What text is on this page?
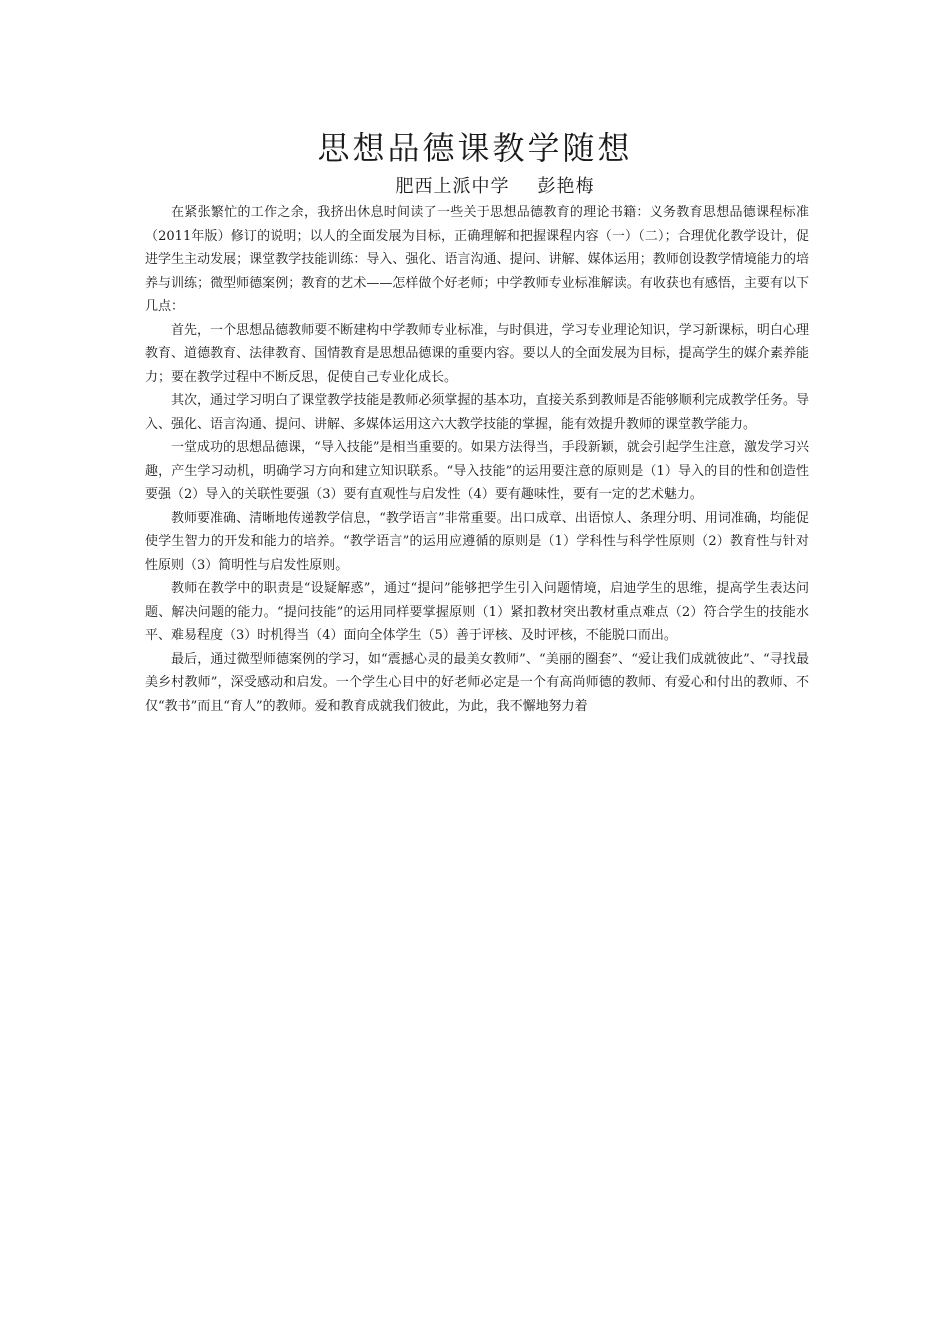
思想品德课教学随想
肥西上派中学 彭艳梅

在紧张繁忙的工作之余，我挤出休息时间读了一些关于思想品德教育的理论书籍：义务教育思想品德课程标准（2011年版）修订的说明；以人的全面发展为目标，正确理解和把握课程内容（一）（二）；合理优化教学设计，促进学生主动发展；课堂教学技能训练：导入、强化、语言沟通、提问、讲解、媒体运用；教师创设教学情境能力的培养与训练；微型师德案例；教育的艺术——怎样做个好老师；中学教师专业标准解读。有收获也有感悟，主要有以下几点：

首先，一个思想品德教师要不断建构中学教师专业标准，与时俱进，学习专业理论知识，学习新课标，明白心理教育、道德教育、法律教育、国情教育是思想品德课的重要内容。要以人的全面发展为目标，提高学生的媒介素养能力；要在教学过程中不断反思，促使自己专业化成长。

其次，通过学习明白了课堂教学技能是教师必须掌握的基本功，直接关系到教师是否能够顺利完成教学任务。导入、强化、语言沟通、提问、讲解、多媒体运用这六大教学技能的掌握，能有效提升教师的课堂教学能力。

一堂成功的思想品德课，“导入技能”是相当重要的。如果方法得当，手段新颖，就会引起学生注意，激发学习兴趣，产生学习动机，明确学习方向和建立知识联系。“导入技能”的运用要注意的原则是（1）导入的目的性和创造性要强（2）导入的关联性要强（3）要有直观性与启发性（4）要有趣味性，要有一定的艺术魅力。

教师要准确、清晰地传递教学信息，“教学语言”非常重要。出口成章、出语惊人、条理分明、用词准确，均能促使学生智力的开发和能力的培养。“教学语言”的运用应遵循的原则是（1）学科性与科学性原则（2）教育性与针对性原则（3）简明性与启发性原则。

教师在教学中的职责是“设疑解惑”，通过“提问”能够把学生引入问题情境，启迪学生的思维，提高学生表达问题、解决问题的能力。“提问技能”的运用同样要掌握原则（1）紧扣教材突出教材重点难点（2）符合学生的技能水平、难易程度（3）时机得当（4）面向全体学生（5）善于评核、及时评核，不能脱口而出。

最后，通过微型师德案例的学习，如“震撼心灵的最美女教师”、“美丽的圈套”、“爱让我们成就彼此”、“寻找最美乡村教师”，深受感动和启发。一个学生心目中的好老师必定是一个有高尚师德的教师、有爱心和付出的教师、不仅“教书”而且“育人”的教师。爱和教育成就我们彼此，为此，我不懈地努力着
